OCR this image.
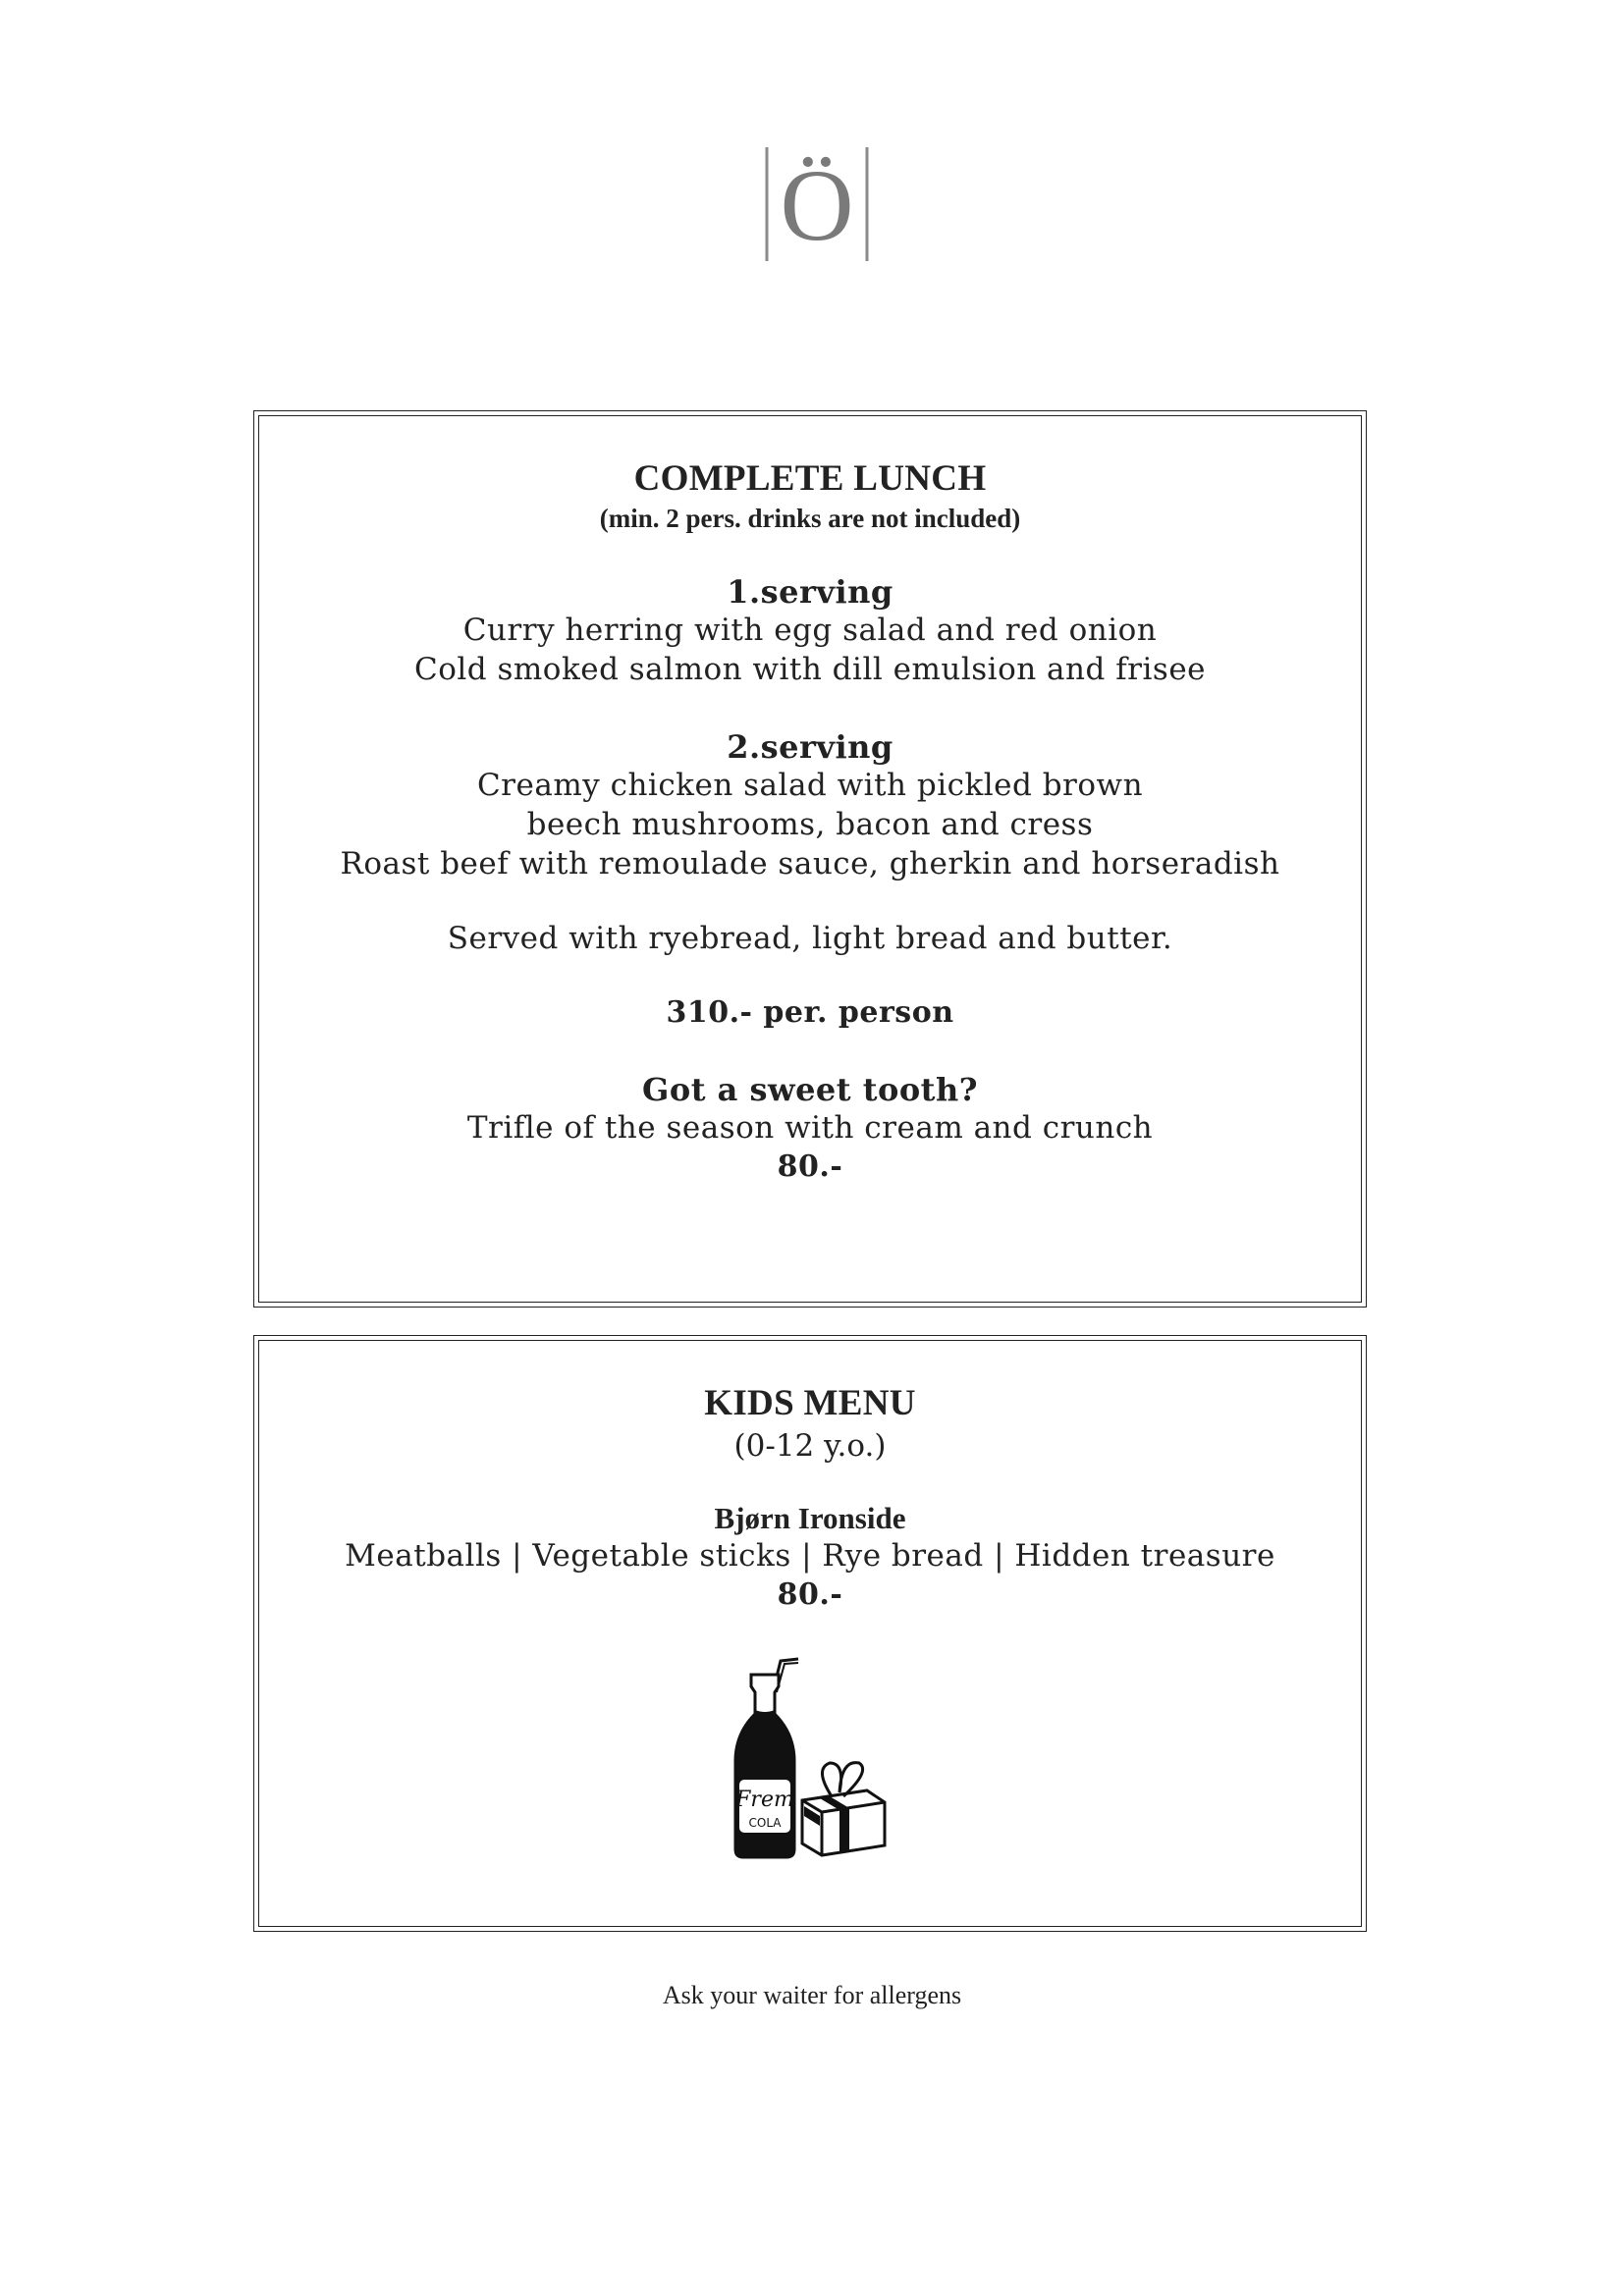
Ö
COMPLETE LUNCH
(min. 2 pers. drinks are not included)
1.serving
Curry herring with egg salad and red onion
Cold smoked salmon with dill emulsion and frisee
2.serving
Creamy chicken salad with pickled brown
beech mushrooms, bacon and cress
Roast beef with remoulade sauce, gherkin and horseradish
Served with ryebread, light bread and butter.
310.- per. person
Got a sweet tooth?
Trifle of the season with cream and crunch
80.-
KIDS MENU
(0-12 y.o.)
Bjørn Ironside
Meatballs | Vegetable sticks | Rye bread | Hidden treasure
80.-
Frem
COLA
Ask your waiter for allergens
